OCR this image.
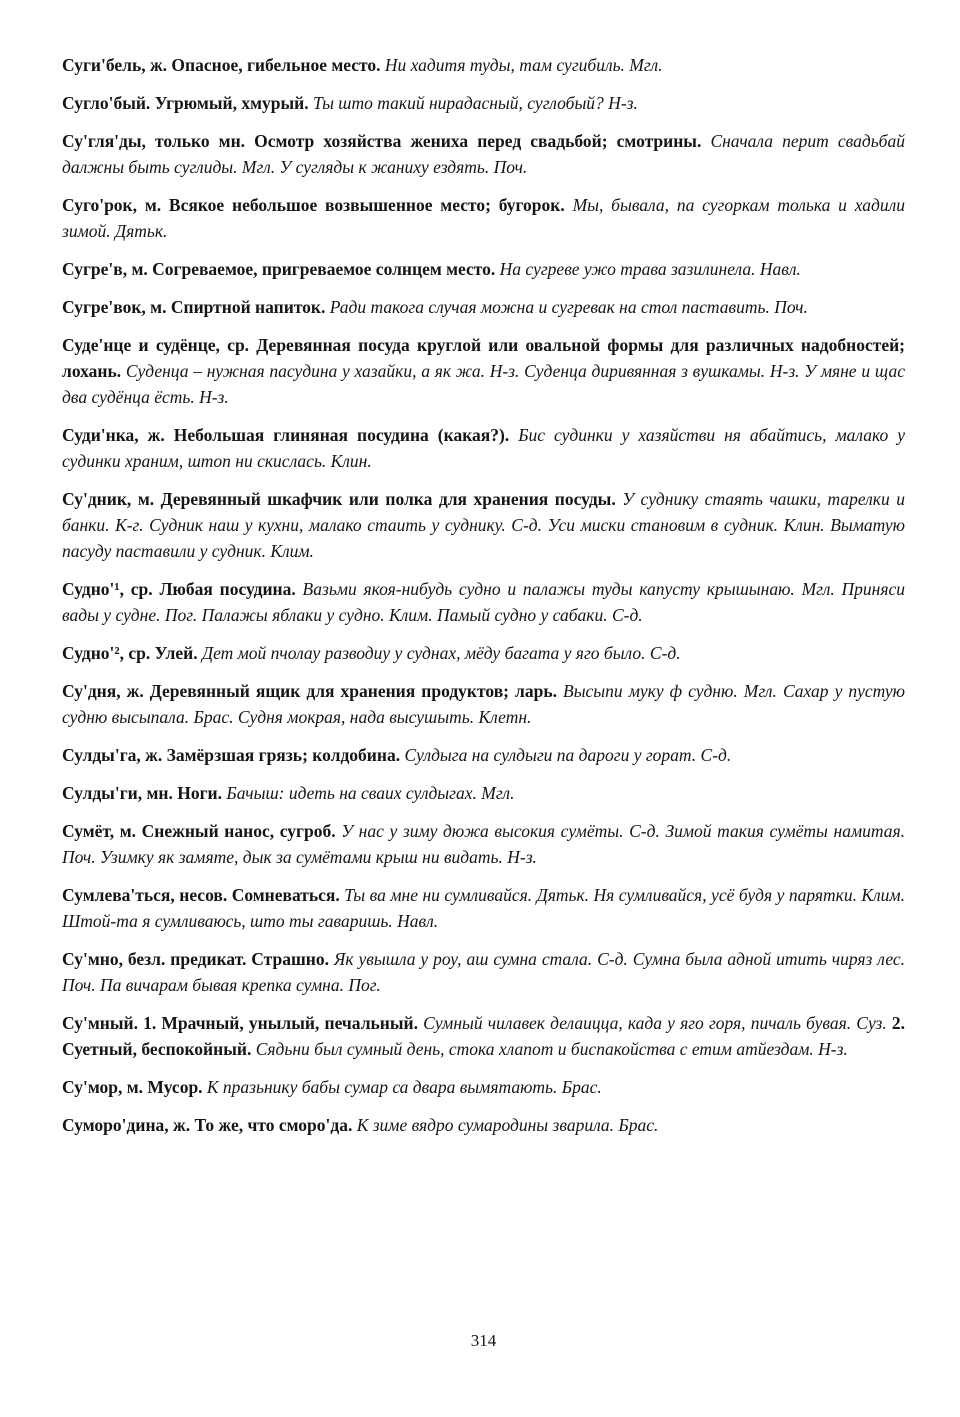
Суги'бель, ж. Опасное, гибельное место. Ни хадитя туды, там сугибиль. Мгл.

Сугло'бый. Угрюмый, хмурый. Ты што такий нирадасный, суглобый? Н-з.

Су'гля'ды, только мн. Осмотр хозяйства жениха перед свадьбой; смотрины. Сначала перит свадьбай далжны быть суглиды. Мгл. У сугляды к жаниху ездять. Поч.

Суго'рок, м. Всякое небольшое возвышенное место; бугорок. Мы, бывала, па сугоркам толька и хадили зимой. Дятьк.

Сугре'в, м. Согреваемое, пригреваемое солнцем место. На сугреве ужо трава зазилинела. Навл.

Сугре'вок, м. Спиртной напиток. Ради такога случая можна и сугревак на стол паставить. Поч.

Суде'нце и судёнце, ср. Деревянная посуда круглой или овальной формы для различных надобностей; лохань. Суденца – нужная пасудина у хазайки, а як жа. Н-з. Суденца диривянная з вушкамы. Н-з. У мяне и щас два судёнца ёсть. Н-з.

Суди'нка, ж. Небольшая глиняная посудина (какая?). Бис судинки у хазяйстви ня абайтись, малако у судинки храним, штоп ни скислась. Клин.

Су'дник, м. Деревянный шкафчик или полка для хранения посуды. У суднику стаять чашки, тарелки и банки. К-г. Судник наш у кухни, малако стаить у суднику. С-д. Уси миски становим в судник. Клин. Выматую пасуду паставили у судник. Клим.

Судно'¹, ср. Любая посудина. Вазьми якоя-нибудь судно и палажы туды капусту крышынаю. Мгл. Приняси вады у судне. Пог. Палажы яблаки у судно. Клим. Памый судно у сабаки. С-д.

Судно'², ср. Улей. Дет мой пчолау разводиу у суднах, мёду багата у яго было. С-д.

Су'дня, ж. Деревянный ящик для хранения продуктов; ларь. Высыпи муку ф судню. Мгл. Сахар у пустую судню высыпала. Брас. Судня мокрая, нада высушыть. Клетн.

Сулды'га, ж. Замёрзшая грязь; колдобина. Сулдыга на сулдыги па дароги у горат. С-д.

Сулды'ги, мн. Ноги. Бачыш: идеть на сваих сулдыгах. Мгл.

Сумёт, м. Снежный нанос, сугроб. У нас у зиму дюжа высокия сумёты. С-д. Зимой такия сумёты намитая. Поч. Узимку як замяте, дык за сумётами крыш ни видать. Н-з.

Сумлева'ться, несов. Сомневаться. Ты ва мне ни сумливайся. Дятьк. Ня сумливайся, усё будя у парятки. Клим. Штой-та я сумливаюсь, што ты гаваришь. Навл.

Су'мно, безл. предикат. Страшно. Як увышла у роу, аш сумна стала. С-д. Сумна была адной итить чиряз лес. Поч. Па вичарам бывая крепка сумна. Пог.

Су'мный. 1. Мрачный, унылый, печальный. Сумный чилавек делаицца, када у яго горя, пичаль бувая. Суз. 2. Суетный, беспокойный. Сядьни был сумный день, стока хлапот и биспакойства с етим атйездам. Н-з.

Су'мор, м. Мусор. К празьнику бабы сумар са двара вымятають. Брас.

Суморо'дина, ж. То же, что сморо'да. К зиме вядро сумародины зварила. Брас.

314
